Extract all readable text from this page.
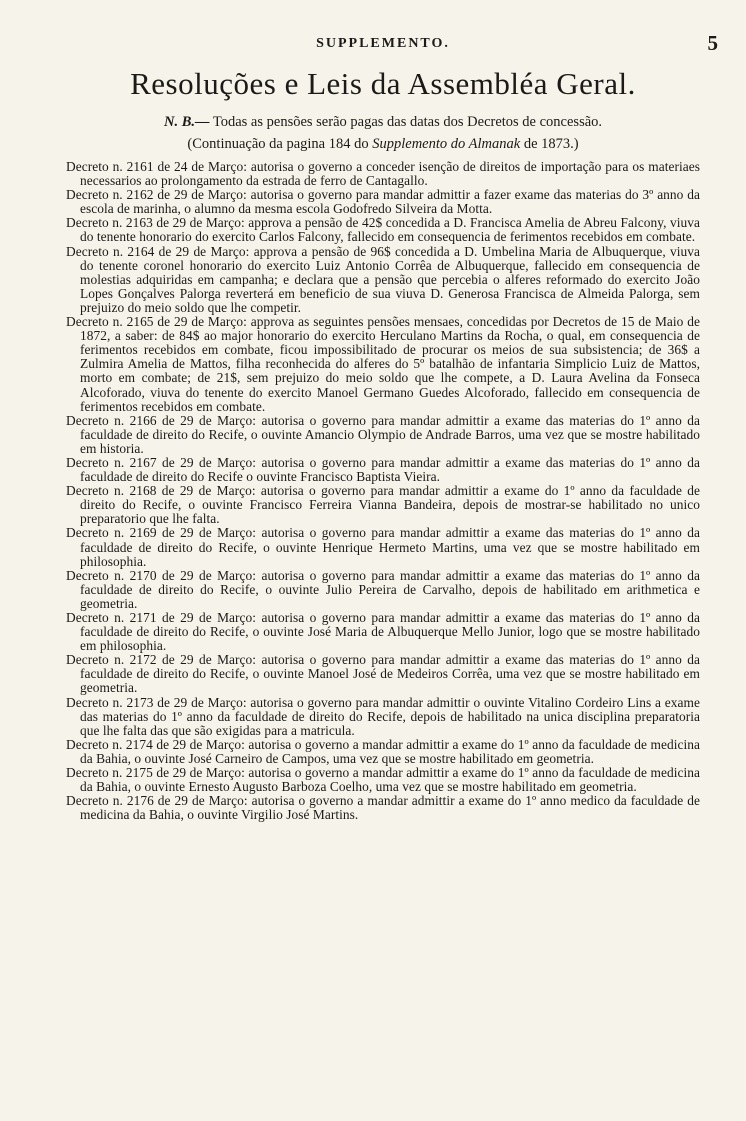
SUPPLEMENTO.	5
Resoluções e Leis da Assembléa Geral.

N. B.— Todas as pensões serão pagas das datas dos Decretos de concessão.

(Continuação da pagina 184 do Supplemento do Almanak de 1873.)

Decreto n. 2161 de 24 de Março: autorisa o governo a conceder isenção de direitos de importação para os materiaes necessarios ao prolongamento da estrada de ferro de Cantagallo.

Decreto n. 2162 de 29 de Março: autorisa o governo para mandar admittir a fazer exame das materias do 3º anno da escola de marinha, o alumno da mesma escola Godofredo Silveira da Motta.

Decreto n. 2163 de 29 de Março: approva a pensão de 42$ concedida a D. Francisca Amelia de Abreu Falcony, viuva do tenente honorario do exercito Carlos Falcony, fallecido em consequencia de ferimentos recebidos em combate.

Decreto n. 2164 de 29 de Março: approva a pensão de 96$ concedida a D. Umbelina Maria de Albuquerque, viuva do tenente coronel honorario do exercito Luiz Antonio Corrêa de Albuquerque, fallecido em consequencia de molestias adquiridas em campanha; e declara que a pensão que percebia o alferes reformado do exercito João Lopes Gonçalves Palorga reverterá em beneficio de sua viuva D. Generosa Francisca de Almeida Palorga, sem prejuizo do meio soldo que lhe competir.

Decreto n. 2165 de 29 de Março: approva as seguintes pensões mensaes, concedidas por Decretos de 15 de Maio de 1872, a saber: de 84$ ao major honorario do exercito Herculano Martins da Rocha, o qual, em consequencia de ferimentos recebidos em combate, ficou impossibilitado de procurar os meios de sua subsistencia; de 36$ a Zulmira Amelia de Mattos, filha reconhecida do alferes do 5º batalhão de infantaria Simplicio Luiz de Mattos, morto em combate; de 21$, sem prejuizo do meio soldo que lhe compete, a D. Laura Avelina da Fonseca Alcoforado, viuva do tenente do exercito Manoel Germano Guedes Alcoforado, fallecido em consequencia de ferimentos recebidos em combate.

Decreto n. 2166 de 29 de Março: autorisa o governo para mandar admittir a exame das materias do 1º anno da faculdade de direito do Recife, o ouvinte Amancio Olympio de Andrade Barros, uma vez que se mostre habilitado em historia.

Decreto n. 2167 de 29 de Março: autorisa o governo para mandar admittir a exame das materias do 1º anno da faculdade de direito do Recife o ouvinte Francisco Baptista Vieira.

Decreto n. 2168 de 29 de Março: autorisa o governo para mandar admittir a exame do 1º anno da faculdade de direito do Recife, o ouvinte Francisco Ferreira Vianna Bandeira, depois de mostrar-se habilitado no unico preparatorio que lhe falta.

Decreto n. 2169 de 29 de Março: autorisa o governo para mandar admittir a exame das materias do 1º anno da faculdade de direito do Recife, o ouvinte Henrique Hermeto Martins, uma vez que se mostre habilitado em philosophia.

Decreto n. 2170 de 29 de Março: autorisa o governo para mandar admittir a exame das materias do 1º anno da faculdade de direito do Recife, o ouvinte Julio Pereira de Carvalho, depois de habilitado em arithmetica e geometria.

Decreto n. 2171 de 29 de Março: autorisa o governo para mandar admittir a exame das materias do 1º anno da faculdade de direito do Recife, o ouvinte José Maria de Albuquerque Mello Junior, logo que se mostre habilitado em philosophia.

Decreto n. 2172 de 29 de Março: autorisa o governo para mandar admittir a exame das materias do 1º anno da faculdade de direito do Recife, o ouvinte Manoel José de Medeiros Corrêa, uma vez que se mostre habilitado em geometria.

Decreto n. 2173 de 29 de Março: autorisa o governo para mandar admittir o ouvinte Vitalino Cordeiro Lins a exame das materias do 1º anno da faculdade de direito do Recife, depois de habilitado na unica disciplina preparatoria que lhe falta das que são exigidas para a matricula.

Decreto n. 2174 de 29 de Março: autorisa o governo a mandar admittir a exame do 1º anno da faculdade de medicina da Bahia, o ouvinte José Carneiro de Campos, uma vez que se mostre habilitado em geometria.

Decreto n. 2175 de 29 de Março: autorisa o governo a mandar admittir a exame do 1º anno da faculdade de medicina da Bahia, o ouvinte Ernesto Augusto Barboza Coelho, uma vez que se mostre habilitado em geometria.

Decreto n. 2176 de 29 de Março: autorisa o governo a mandar admittir a exame do 1º anno medico da faculdade de medicina da Bahia, o ouvinte Virgilio José Martins.
